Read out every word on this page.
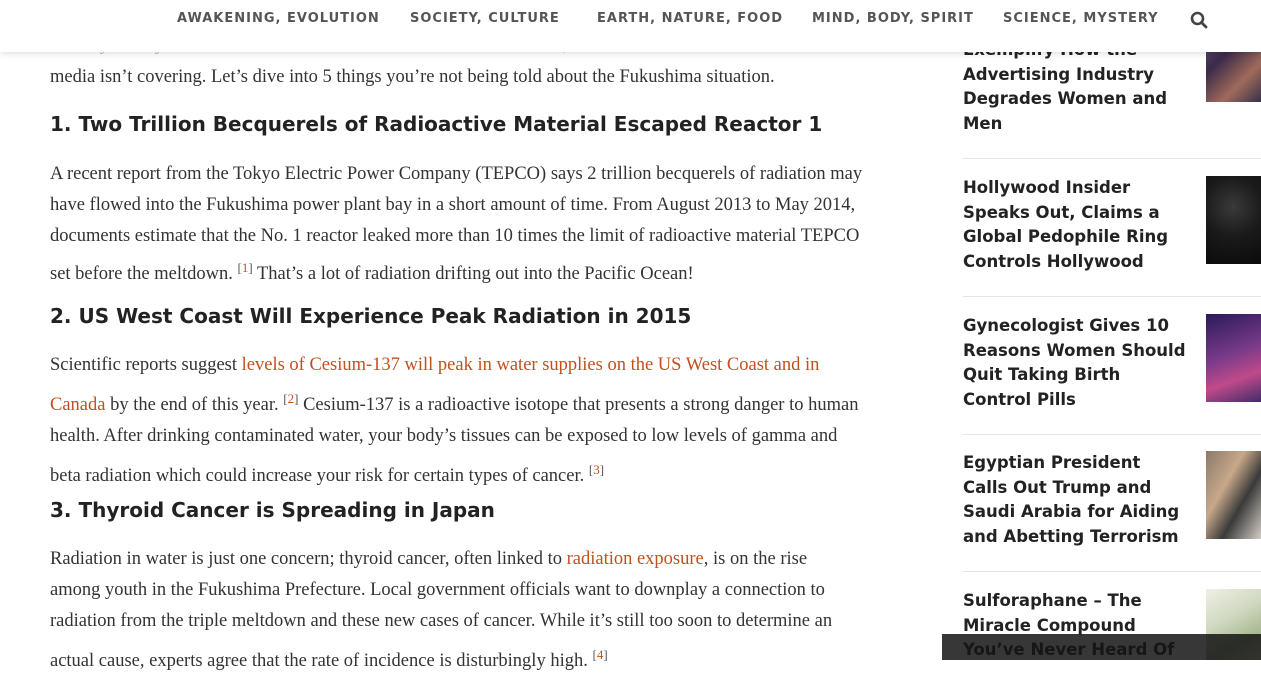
AWAKENING, EVOLUTION SOCIETY, CULTURE	EARTH, NATURE, FOOD MIND, BODY, SPIRIT SCIENCE, MYSTERY
media isn’t covering. Let’s dive into 5 things you’re not being told about the Fukushima situation.
1. Two Trillion Becquerels of Radioactive Material Escaped Reactor 1
A recent report from the Tokyo Electric Power Company (TEPCO) says 2 trillion becquerels of radiation may
have flowed into the Fukushima power plant bay in a short amount of time. From August 2013 to May 2014,
documents estimate that the No. 1 reactor leaked more than 10 times the limit of radioactive material TEPCO
set before the meltdown. [1] That’s a lot of radiation drifting out into the Pacific Ocean!
2. US West Coast Will Experience Peak Radiation in 2015
Scientific reports suggest levels of Cesium-137 will peak in water supplies on the US West Coast and in
Canada by the end of this year. [2] Cesium-137 is a radioactive isotope that presents a strong danger to human
health. After drinking contaminated water, your body’s tissues can be exposed to low levels of gamma and
beta radiation which could increase your risk for certain types of cancer. [3]
3. Thyroid Cancer is Spreading in Japan
Radiation in water is just one concern; thyroid cancer, often linked to radiation exposure, is on the rise
among youth in the Fukushima Prefecture. Local government officials want to downplay a connection to
radiation from the triple meltdown and these new cases of cancer. While it’s still too soon to determine an
actual cause, experts agree that the rate of incidence is disturbingly high. [4]
Advertising Industry Degrades Women and Men
Hollywood Insider Speaks Out, Claims a Global Pedophile Ring Controls Hollywood
Gynecologist Gives 10 Reasons Women Should Quit Taking Birth Control Pills
Egyptian President Calls Out Trump and Saudi Arabia for Aiding and Abetting Terrorism
Sulforaphane – The Miracle Compound
